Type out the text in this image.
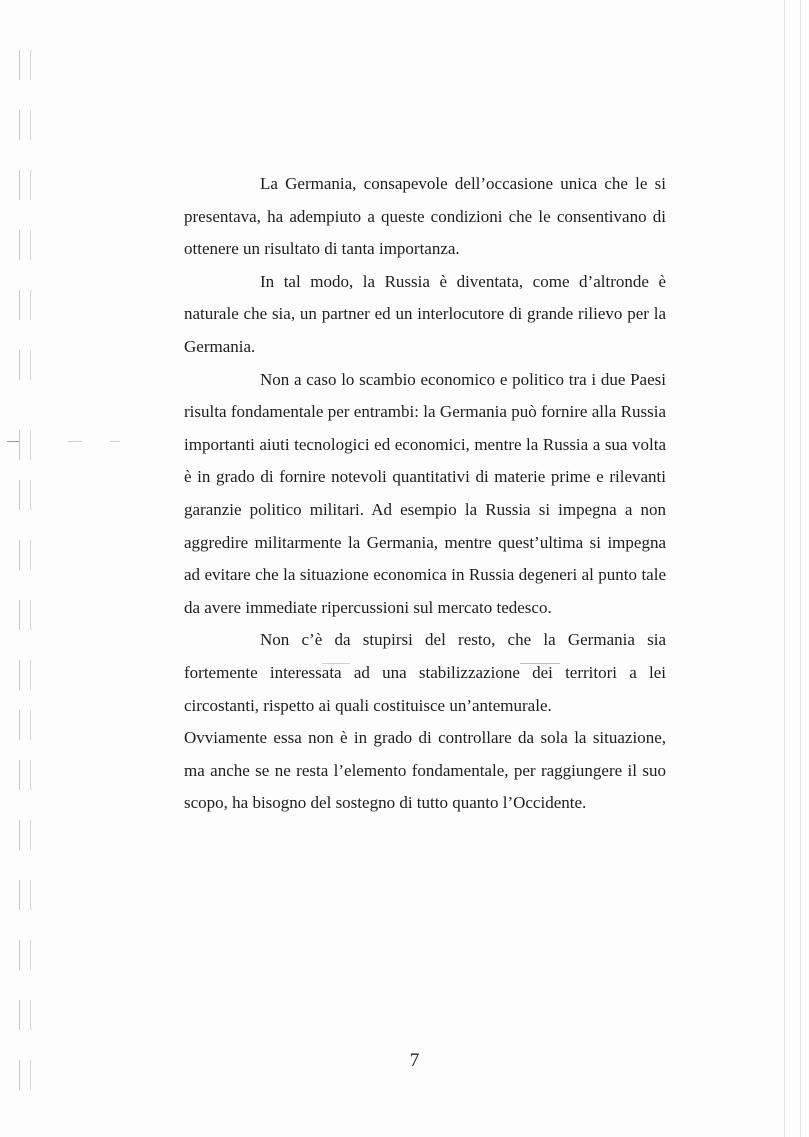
La Germania, consapevole dell’occasione unica che le si presentava, ha adempiuto a queste condizioni che le consentivano di ottenere un risultato di tanta importanza.

In tal modo, la Russia è diventata, come d’altronde è naturale che sia, un partner ed un interlocutore di grande rilievo per la Germania.

Non a caso lo scambio economico e politico tra i due Paesi risulta fondamentale per entrambi: la Germania può fornire alla Russia importanti aiuti tecnologici ed economici, mentre la Russia a sua volta è in grado di fornire notevoli quantitativi di materie prime e rilevanti garanzie politico militari. Ad esempio la Russia si impegna a non aggredire militarmente la Germania, mentre quest’ultima si impegna ad evitare che la situazione economica in Russia degeneri al punto tale da avere immediate ripercussioni sul mercato tedesco.

Non c’è da stupirsi del resto, che la Germania sia fortemente interessata ad una stabilizzazione dei territori a lei circostanti, rispetto ai quali costituisce un’antemurale.

Ovviamente essa non è in grado di controllare da sola la situazione, ma anche se ne resta l’elemento fondamentale, per raggiungere il suo scopo, ha bisogno del sostegno di tutto quanto l’Occidente.

7
